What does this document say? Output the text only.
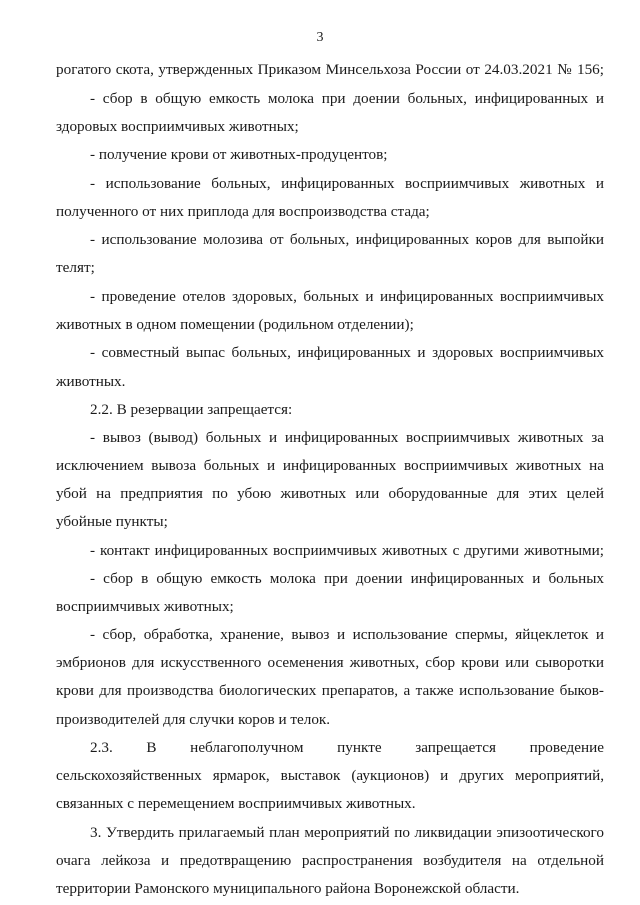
3
рогатого скота, утвержденных Приказом Минсельхоза России от 24.03.2021 № 156;
- сбор в общую емкость молока при доении больных, инфицированных и
здоровых восприимчивых животных;
- получение крови от животных-продуцентов;
- использование больных, инфицированных восприимчивых животных и
полученного от них приплода для воспроизводства стада;
- использование молозива от больных, инфицированных коров для выпойки
телят;
- проведение отелов здоровых, больных и инфицированных восприимчивых
животных в одном помещении (родильном отделении);
- совместный выпас больных, инфицированных и здоровых восприимчивых
животных.
2.2. В резервации запрещается:
- вывоз (вывод) больных и инфицированных восприимчивых животных за
исключением вывоза больных и инфицированных восприимчивых животных на
убой на предприятия по убою животных или оборудованные для этих целей
убойные пункты;
- контакт инфицированных восприимчивых животных с другими животными;
- сбор в общую емкость молока при доении инфицированных и больных
восприимчивых животных;
- сбор, обработка, хранение, вывоз и использование спермы, яйцеклеток и
эмбрионов для искусственного осеменения животных, сбор крови или сыворотки
крови для производства биологических препаратов, а также использование быков-
производителей для случки коров и телок.
2.3. В неблагополучном пункте запрещается проведение
сельскохозяйственных ярмарок, выставок (аукционов) и других мероприятий,
связанных с перемещением восприимчивых животных.
3. Утвердить прилагаемый план мероприятий по ликвидации эпизоотического
очага лейкоза и предотвращению распространения возбудителя на отдельной
территории Рамонского муниципального района Воронежской области.
